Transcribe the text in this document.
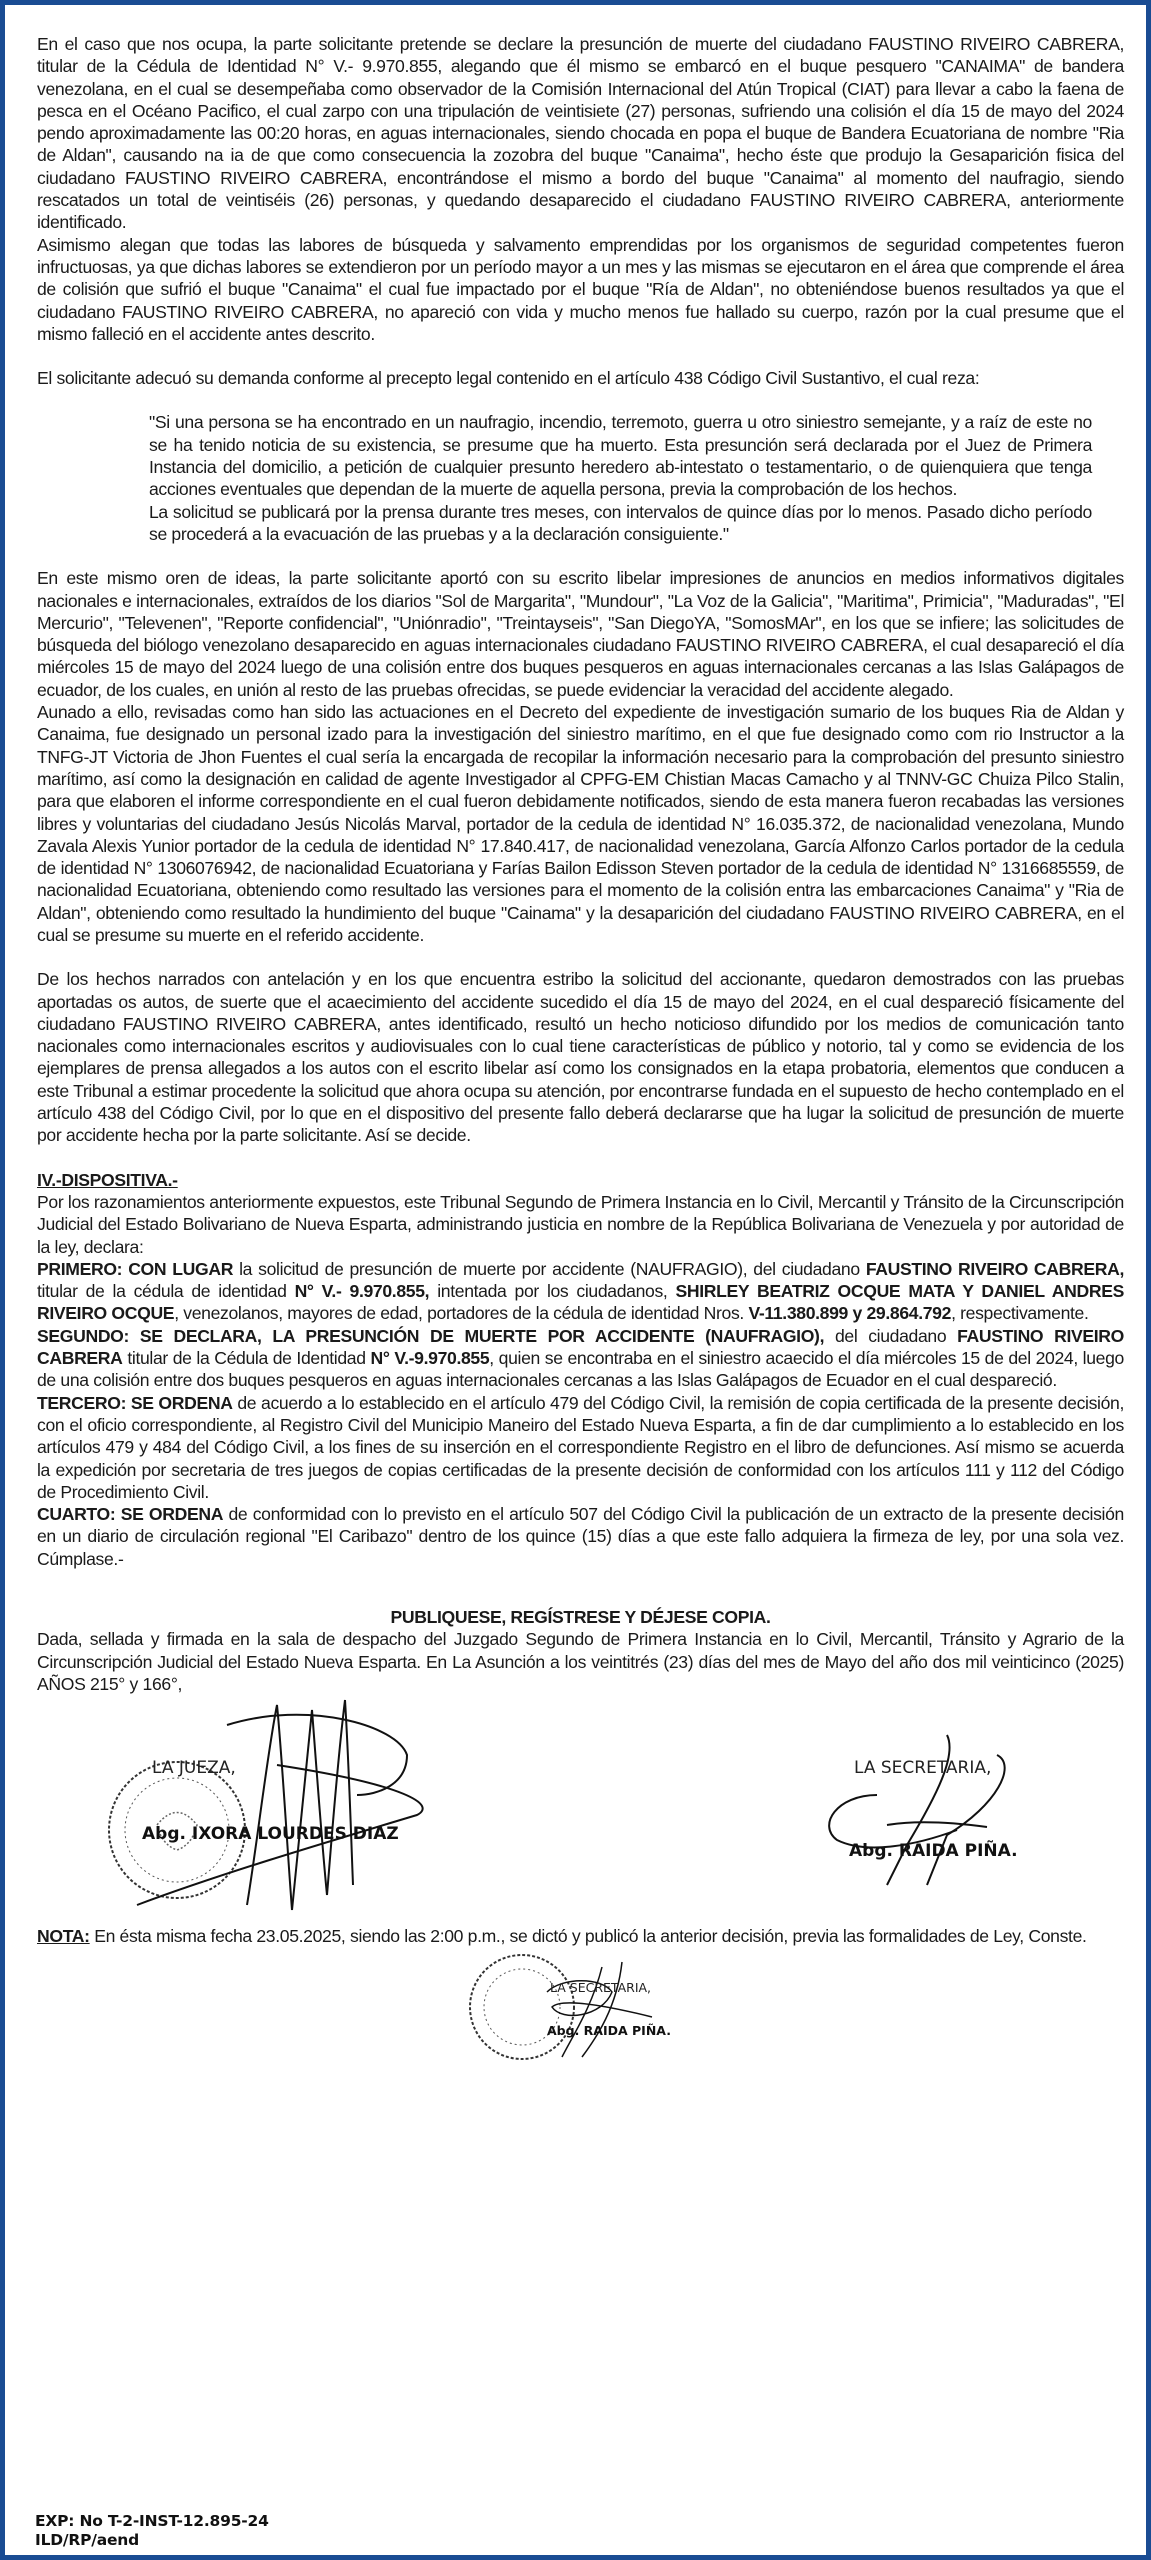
En el caso que nos ocupa, la parte solicitante pretende se declare la presunción de muerte del ciudadano FAUSTINO RIVEIRO CABRERA, titular de la Cédula de Identidad N° V.- 9.970.855, alegando que él mismo se embarcó en el buque pesquero "CANAIMA" de bandera venezolana, en el cual se desempeñaba como observador de la Comisión Internacional del Atún Tropical (CIAT) para llevar a cabo la faena de pesca en el Océano Pacifico, el cual zarpo con una tripulación de veintisiete (27) personas, sufriendo una colisión el día 15 de mayo del 2024 pendo aproximadamente las 00:20 horas, en aguas internacionales, siendo chocada en popa el buque de Bandera Ecuatoriana de nombre "Ria de Aldan", causando na ia de que como consecuencia la zozobra del buque "Canaima", hecho éste que produjo la Gesaparición fisica del ciudadano FAUSTINO RIVEIRO CABRERA, encontrándose el mismo a bordo del buque "Canaima" al momento del naufragio, siendo rescatados un total de veintiséis (26) personas, y quedando desaparecido el ciudadano FAUSTINO RIVEIRO CABRERA, anteriormente identificado.

Asimismo alegan que todas las labores de búsqueda y salvamento emprendidas por los organismos de seguridad competentes fueron infructuosas, ya que dichas labores se extendieron por un período mayor a un mes y las mismas se ejecutaron en el área que comprende el área de colisión que sufrió el buque "Canaima" el cual fue impactado por el buque "Ría de Aldan", no obteniéndose buenos resultados ya que el ciudadano FAUSTINO RIVEIRO CABRERA, no apareció con vida y mucho menos fue hallado su cuerpo, razón por la cual presume que el mismo falleció en el accidente antes descrito.

El solicitante adecuó su demanda conforme al precepto legal contenido en el artículo 438 Código Civil Sustantivo, el cual reza:

"Si una persona se ha encontrado en un naufragio, incendio, terremoto, guerra u otro siniestro semejante, y a raíz de este no se ha tenido noticia de su existencia, se presume que ha muerto. Esta presunción será declarada por el Juez de Primera Instancia del domicilio, a petición de cualquier presunto heredero ab-intestato o testamentario, o de quienquiera que tenga acciones eventuales que dependan de la muerte de aquella persona, previa la comprobación de los hechos.

La solicitud se publicará por la prensa durante tres meses, con intervalos de quince días por lo menos. Pasado dicho período se procederá a la evacuación de las pruebas y a la declaración consiguiente."

En este mismo oren de ideas, la parte solicitante aportó con su escrito libelar impresiones de anuncios en medios informativos digitales nacionales e internacionales, extraídos de los diarios "Sol de Margarita", "Mundour", "La Voz de la Galicia", "Maritima", Primicia", "Maduradas", "El Mercurio", "Televenen", "Reporte confidencial", "Uniónradio", "Treintayseis", "San DiegoYA, "SomosMAr", en los que se infiere; las solicitudes de búsqueda del biólogo venezolano desaparecido en aguas internacionales ciudadano FAUSTINO RIVEIRO CABRERA, el cual desapareció el día miércoles 15 de mayo del 2024 luego de una colisión entre dos buques pesqueros en aguas internacionales cercanas a las Islas Galápagos de ecuador, de los cuales, en unión al resto de las pruebas ofrecidas, se puede evidenciar la veracidad del accidente alegado.

Aunado a ello, revisadas como han sido las actuaciones en el Decreto del expediente de investigación sumario de los buques Ria de Aldan y Canaima, fue designado un personal izado para la investigación del siniestro marítimo, en el que fue designado como com rio Instructor a la TNFG-JT Victoria de Jhon Fuentes el cual sería la encargada de recopilar la información necesario para la comprobación del presunto siniestro marítimo, así como la designación en calidad de agente Investigador al CPFG-EM Chistian Macas Camacho y al TNNV-GC Chuiza Pilco Stalin, para que elaboren el informe correspondiente en el cual fueron debidamente notificados, siendo de esta manera fueron recabadas las versiones libres y voluntarias del ciudadano Jesús Nicolás Marval, portador de la cedula de identidad N° 16.035.372, de nacionalidad venezolana, Mundo Zavala Alexis Yunior portador de la cedula de identidad N° 17.840.417, de nacionalidad venezolana, García Alfonzo Carlos portador de la cedula de identidad N° 1306076942, de nacionalidad Ecuatoriana y Farías Bailon Edisson Steven portador de la cedula de identidad N° 1316685559, de nacionalidad Ecuatoriana, obteniendo como resultado las versiones para el momento de la colisión entra las embarcaciones Canaima" y "Ria de Aldan", obteniendo como resultado la hundimiento del buque "Cainama" y la desaparición del ciudadano FAUSTINO RIVEIRO CABRERA, en el cual se presume su muerte en el referido accidente.

De los hechos narrados con antelación y en los que encuentra estribo la solicitud del accionante, quedaron demostrados con las pruebas aportadas os autos, de suerte que el acaecimiento del accidente sucedido el día 15 de mayo del 2024, en el cual despareció físicamente del ciudadano FAUSTINO RIVEIRO CABRERA, antes identificado, resultó un hecho noticioso difundido por los medios de comunicación tanto nacionales como internacionales escritos y audiovisuales con lo cual tiene características de público y notorio, tal y como se evidencia de los ejemplares de prensa allegados a los autos con el escrito libelar así como los consignados en la etapa probatoria, elementos que conducen a este Tribunal a estimar procedente la solicitud que ahora ocupa su atención, por encontrarse fundada en el supuesto de hecho contemplado en el artículo 438 del Código Civil, por lo que en el dispositivo del presente fallo deberá declararse que ha lugar la solicitud de presunción de muerte por accidente hecha por la parte solicitante. Así se decide.

IV.-DISPOSITIVA.-

Por los razonamientos anteriormente expuestos, este Tribunal Segundo de Primera Instancia en lo Civil, Mercantil y Tránsito de la Circunscripción Judicial del Estado Bolivariano de Nueva Esparta, administrando justicia en nombre de la República Bolivariana de Venezuela y por autoridad de la ley, declara:

PRIMERO: CON LUGAR la solicitud de presunción de muerte por accidente (NAUFRAGIO), del ciudadano FAUSTINO RIVEIRO CABRERA, titular de la cédula de identidad N° V.- 9.970.855, intentada por los ciudadanos, SHIRLEY BEATRIZ OCQUE MATA Y DANIEL ANDRES RIVEIRO OCQUE, venezolanos, mayores de edad, portadores de la cédula de identidad Nros. V-11.380.899 y 29.864.792, respectivamente.

SEGUNDO: SE DECLARA, LA PRESUNCIÓN DE MUERTE POR ACCIDENTE (NAUFRAGIO), del ciudadano FAUSTINO RIVEIRO CABRERA titular de la Cédula de Identidad N° V.-9.970.855, quien se encontraba en el siniestro acaecido el día miércoles 15 de del 2024, luego de una colisión entre dos buques pesqueros en aguas internacionales cercanas a las Islas Galápagos de Ecuador en el cual despareció.

TERCERO: SE ORDENA de acuerdo a lo establecido en el artículo 479 del Código Civil, la remisión de copia certificada de la presente decisión, con el oficio correspondiente, al Registro Civil del Municipio Maneiro del Estado Nueva Esparta, a fin de dar cumplimiento a lo establecido en los artículos 479 y 484 del Código Civil, a los fines de su inserción en el correspondiente Registro en el libro de defunciones. Así mismo se acuerda la expedición por secretaria de tres juegos de copias certificadas de la presente decisión de conformidad con los artículos 111 y 112 del Código de Procedimiento Civil.

CUARTO: SE ORDENA de conformidad con lo previsto en el artículo 507 del Código Civil la publicación de un extracto de la presente decisión en un diario de circulación regional "El Caribazo" dentro de los quince (15) días a que este fallo adquiera la firmeza de ley, por una sola vez. Cúmplase.-

PUBLIQUESE, REGÍSTRESE Y DÉJESE COPIA.

Dada, sellada y firmada en la sala de despacho del Juzgado Segundo de Primera Instancia en lo Civil, Mercantil, Tránsito y Agrario de la Circunscripción Judicial del Estado Nueva Esparta. En La Asunción a los veintitrés (23) días del mes de Mayo del año dos mil veinticinco (2025) AÑOS 215° y 166°,

LA JUEZA,
Abg. IXORA LOURDES DIAZ
LA SECRETARIA,
Abg. RAIDA PIÑA.

NOTA: En ésta misma fecha 23.05.2025, siendo las 2:00 p.m., se dictó y publicó la anterior decisión, previa las formalidades de Ley, Conste.

LA SECRETARIA,
Abg. RAIDA PIÑA.
EXP: No T-2-INST-12.895-24
ILD/RP/aend
